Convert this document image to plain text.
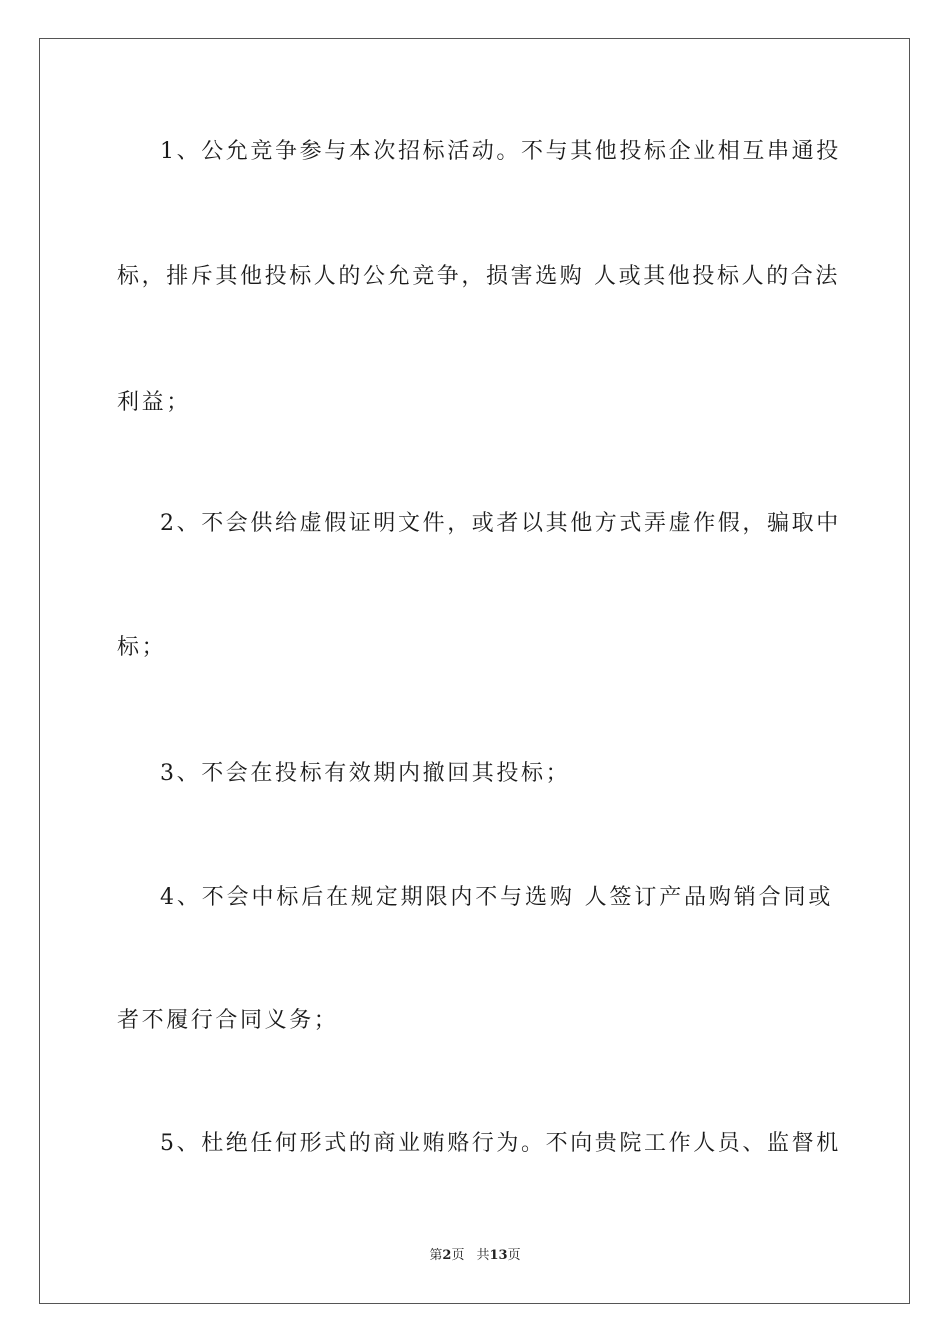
1、公允竞争参与本次招标活动。不与其他投标企业相互串通投
标，排斥其他投标人的公允竞争，损害选购 人或其他投标人的合法
利益；
2、不会供给虚假证明文件，或者以其他方式弄虚作假，骗取中
标；
3、不会在投标有效期内撤回其投标；
4、不会中标后在规定期限内不与选购 人签订产品购销合同或
者不履行合同义务；
5、杜绝任何形式的商业贿赂行为。不向贵院工作人员、监督机
第2页 共13页
